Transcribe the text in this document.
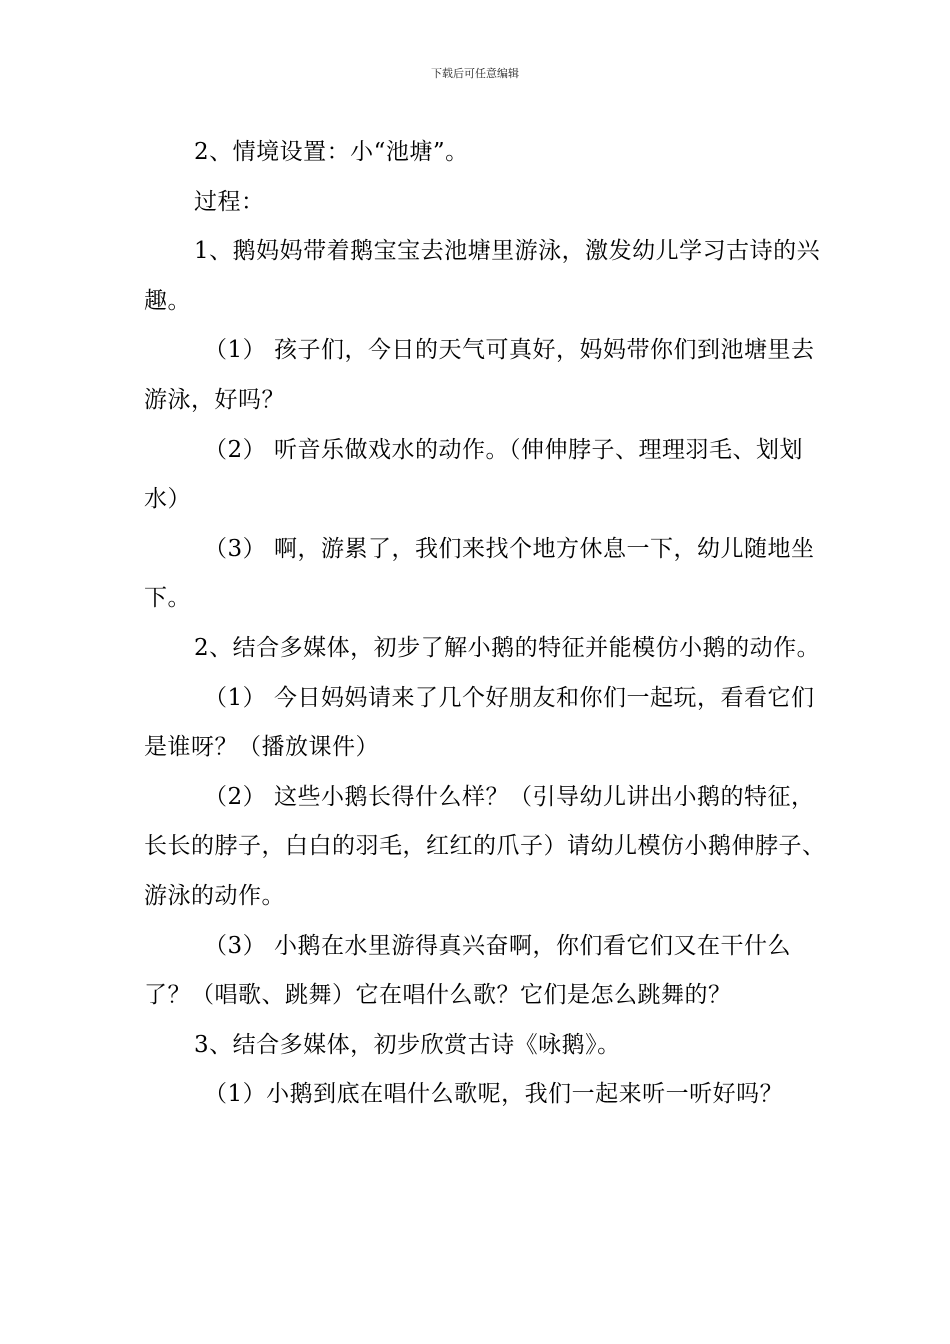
下载后可任意编辑

2、情境设置：小“池塘”。

过程：

1、鹅妈妈带着鹅宝宝去池塘里游泳，激发幼儿学习古诗的兴趣。

（1） 孩子们，今日的天气可真好，妈妈带你们到池塘里去游泳，好吗？

（2） 听音乐做戏水的动作。（伸伸脖子、理理羽毛、划划水）

（3） 啊，游累了，我们来找个地方休息一下，幼儿随地坐下。

2、结合多媒体，初步了解小鹅的特征并能模仿小鹅的动作。

（1） 今日妈妈请来了几个好朋友和你们一起玩，看看它们是谁呀？（播放课件）

（2） 这些小鹅长得什么样？（引导幼儿讲出小鹅的特征，长长的脖子，白白的羽毛，红红的爪子）请幼儿模仿小鹅伸脖子、游泳的动作。

（3） 小鹅在水里游得真兴奋啊，你们看它们又在干什么了？（唱歌、跳舞）它在唱什么歌？它们是怎么跳舞的？

3、结合多媒体，初步欣赏古诗《咏鹅》。

（1）小鹅到底在唱什么歌呢，我们一起来听一听好吗？
